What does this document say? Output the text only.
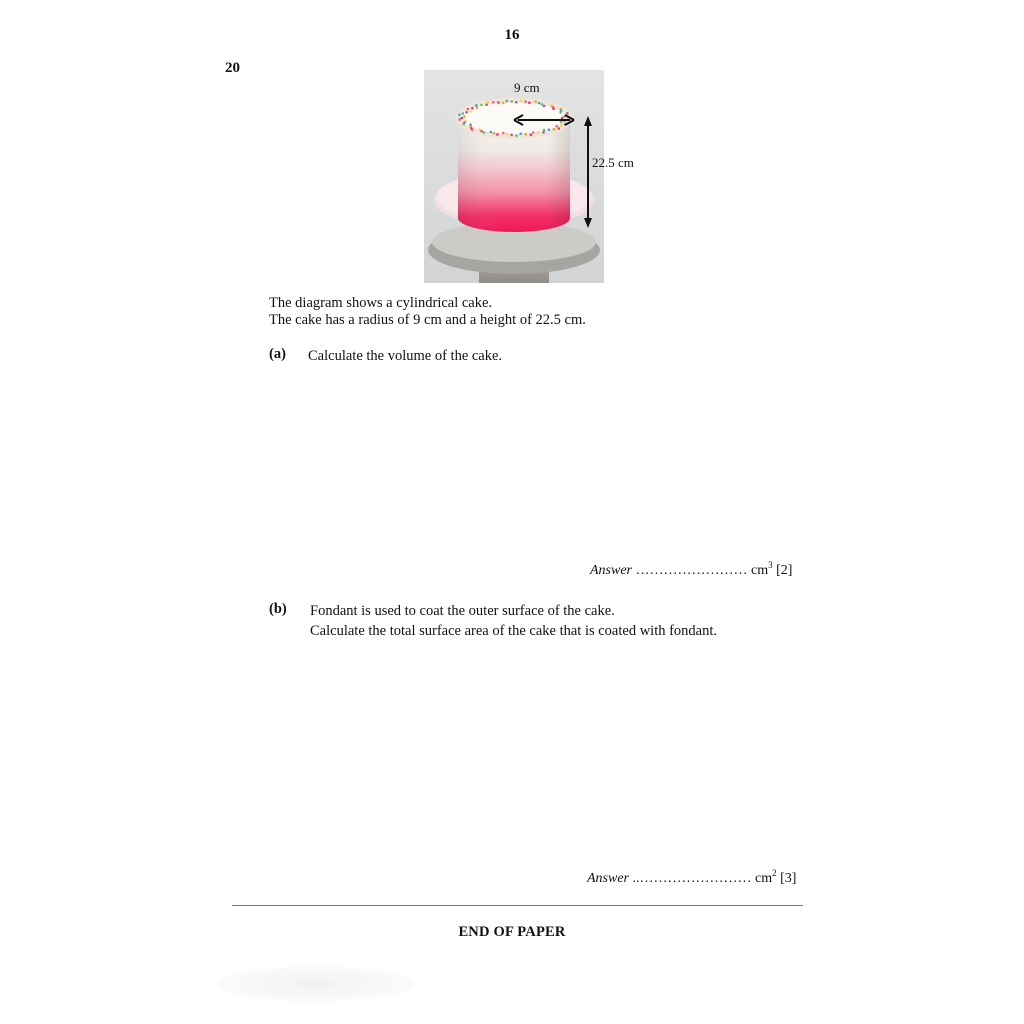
16
20
9 cm
22.5 cm
The diagram shows a cylindrical cake.
The cake has a radius of 9 cm and a height of 22.5 cm.
(a) Calculate the volume of the cake.
Answer …………………… $cm^3$ [2]
(b) Fondant is used to coat the outer surface of the cake.
Calculate the total surface area of the cake that is coated with fondant.
Answer ..…………………… $cm^2$ [3]
END OF PAPER
